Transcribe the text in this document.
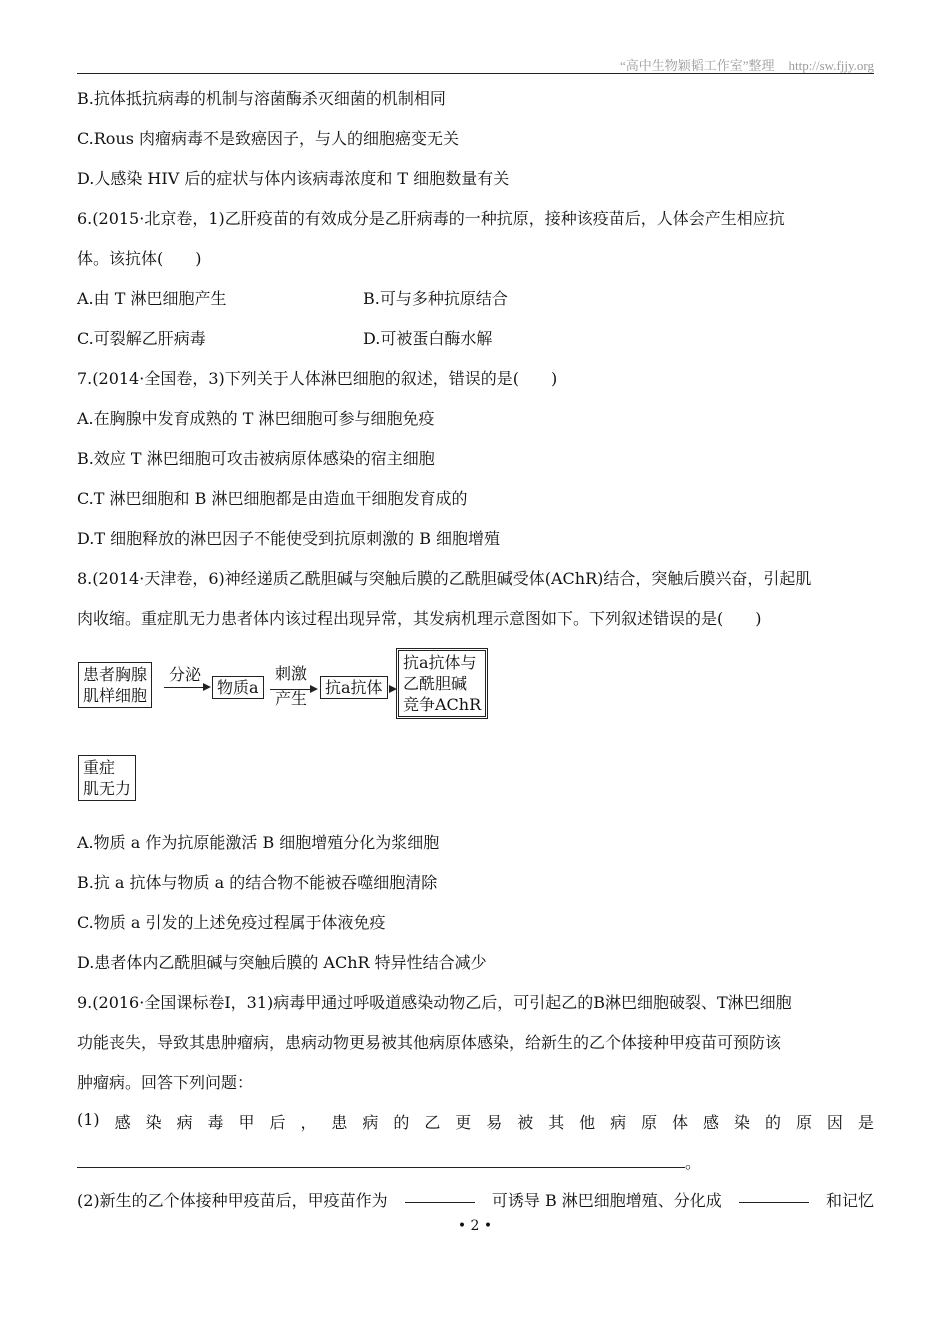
“高中生物颖韬工作室”整理 http://sw.fjjy.org
B.抗体抵抗病毒的机制与溶菌酶杀灭细菌的机制相同
C.Rous 肉瘤病毒不是致癌因子，与人的细胞癌变无关
D.人感染 HIV 后的症状与体内该病毒浓度和 T 细胞数量有关
6.(2015·北京卷，1)乙肝疫苗的有效成分是乙肝病毒的一种抗原，接种该疫苗后，人体会产生相应抗
体。该抗体(　　)
A.由 T 淋巴细胞产生	B.可与多种抗原结合
C.可裂解乙肝病毒	D.可被蛋白酶水解
7.(2014·全国卷，3)下列关于人体淋巴细胞的叙述，错误的是(　　)
A.在胸腺中发育成熟的 T 淋巴细胞可参与细胞免疫
B.效应 T 淋巴细胞可攻击被病原体感染的宿主细胞
C.T 淋巴细胞和 B 淋巴细胞都是由造血干细胞发育成的
D.T 细胞释放的淋巴因子不能使受到抗原刺激的 B 细胞增殖
8.(2014·天津卷，6)神经递质乙酰胆碱与突触后膜的乙酰胆碱受体(AChR)结合，突触后膜兴奋，引起肌
肉收缩。重症肌无力患者体内该过程出现异常，其发病机理示意图如下。下列叙述错误的是(　　)
患者胸腺
肌样细胞
分泌
物质a
刺激
产生
抗a抗体
抗a抗体与
乙酰胆碱
竞争AChR
重症
肌无力
A.物质 a 作为抗原能激活 B 细胞增殖分化为浆细胞
B.抗 a 抗体与物质 a 的结合物不能被吞噬细胞清除
C.物质 a 引发的上述免疫过程属于体液免疫
D.患者体内乙酰胆碱与突触后膜的 AChR 特异性结合减少
9.(2016·全国课标卷Ⅰ，31)病毒甲通过呼吸道感染动物乙后，可引起乙的B淋巴细胞破裂、T淋巴细胞
功能丧失，导致其患肿瘤病，患病动物更易被其他病原体感染，给新生的乙个体接种甲疫苗可预防该
肿瘤病。回答下列问题：
(1) 感 染 病 毒 甲 后 ， 患 病 的 乙 更 易 被 其 他 病 原 体 感 染 的 原 因 是
。
(2)新生的乙个体接种甲疫苗后，甲疫苗作为	可诱导 B 淋巴细胞增殖、分化成	和记忆
• 2 •
